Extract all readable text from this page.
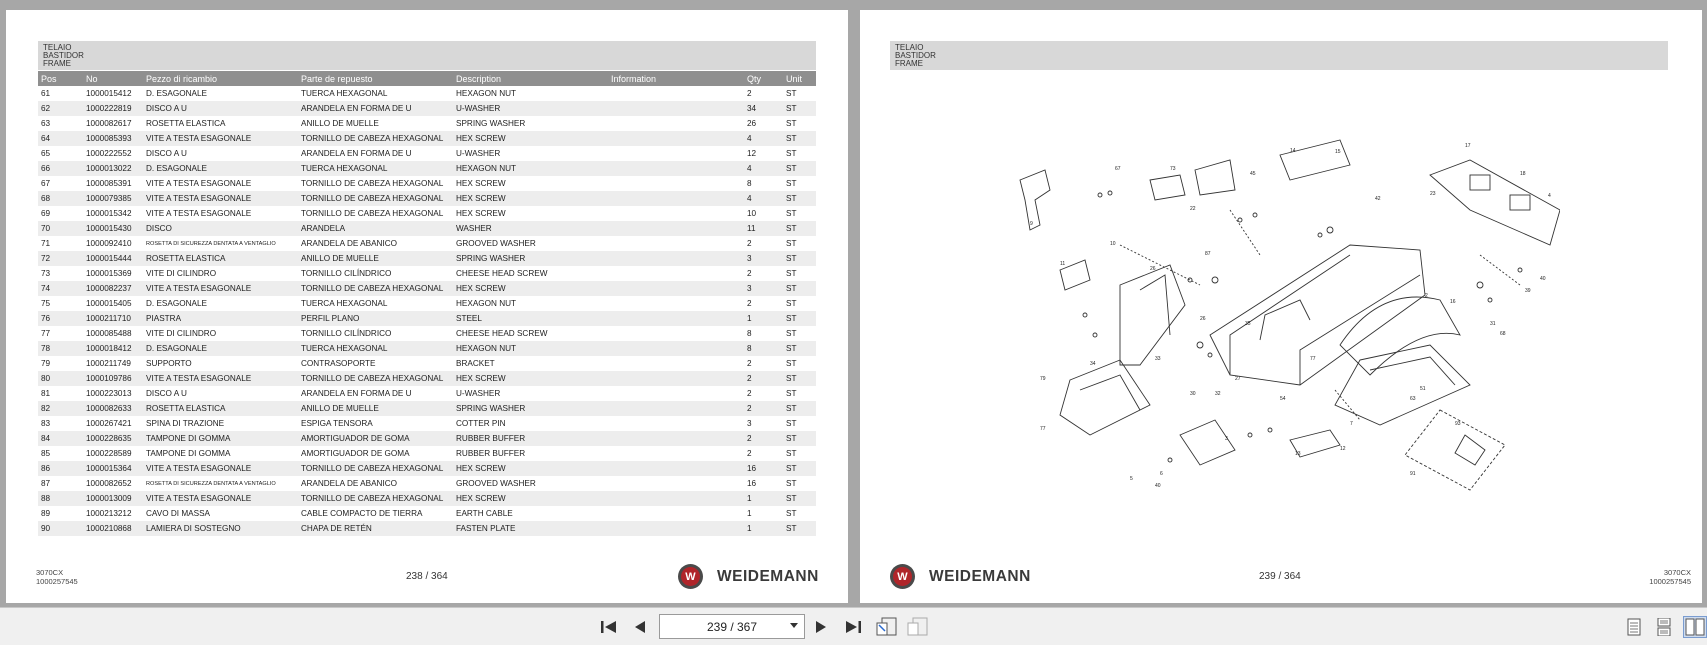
TELAIO
BASTIDOR
FRAME
Pos	No	Pezzo di ricambio	Parte de repuesto	Description	Information	Qty	Unit
61	1000015412	D. ESAGONALE	TUERCA HEXAGONAL	HEXAGON NUT		2	ST
62	1000222819	DISCO A U	ARANDELA EN FORMA DE U	U-WASHER		34	ST
63	1000082617	ROSETTA ELASTICA	ANILLO DE MUELLE	SPRING WASHER		26	ST
64	1000085393	VITE A TESTA ESAGONALE	TORNILLO DE CABEZA HEXAGONAL	HEX SCREW		4	ST
65	1000222552	DISCO A U	ARANDELA EN FORMA DE U	U-WASHER		12	ST
66	1000013022	D. ESAGONALE	TUERCA HEXAGONAL	HEXAGON NUT		4	ST
67	1000085391	VITE A TESTA ESAGONALE	TORNILLO DE CABEZA HEXAGONAL	HEX SCREW		8	ST
68	1000079385	VITE A TESTA ESAGONALE	TORNILLO DE CABEZA HEXAGONAL	HEX SCREW		4	ST
69	1000015342	VITE A TESTA ESAGONALE	TORNILLO DE CABEZA HEXAGONAL	HEX SCREW		10	ST
70	1000015430	DISCO	ARANDELA	WASHER		11	ST
71	1000092410	ROSETTA DI SICUREZZA DENTATA A VENTAGLIO	ARANDELA DE ABANICO	GROOVED WASHER		2	ST
72	1000015444	ROSETTA ELASTICA	ANILLO DE MUELLE	SPRING WASHER		3	ST
73	1000015369	VITE DI CILINDRO	TORNILLO CILÍNDRICO	CHEESE HEAD SCREW		2	ST
74	1000082237	VITE A TESTA ESAGONALE	TORNILLO DE CABEZA HEXAGONAL	HEX SCREW		3	ST
75	1000015405	D. ESAGONALE	TUERCA HEXAGONAL	HEXAGON NUT		2	ST
76	1000211710	PIASTRA	PERFIL PLANO	STEEL		1	ST
77	1000085488	VITE DI CILINDRO	TORNILLO CILÍNDRICO	CHEESE HEAD SCREW		8	ST
78	1000018412	D. ESAGONALE	TUERCA HEXAGONAL	HEXAGON NUT		8	ST
79	1000211749	SUPPORTO	CONTRASOPORTE	BRACKET		2	ST
80	1000109786	VITE A TESTA ESAGONALE	TORNILLO DE CABEZA HEXAGONAL	HEX SCREW		2	ST
81	1000223013	DISCO A U	ARANDELA EN FORMA DE U	U-WASHER		2	ST
82	1000082633	ROSETTA ELASTICA	ANILLO DE MUELLE	SPRING WASHER		2	ST
83	1000267421	SPINA DI TRAZIONE	ESPIGA TENSORA	COTTER PIN		3	ST
84	1000228635	TAMPONE DI GOMMA	AMORTIGUADOR DE GOMA	RUBBER BUFFER		2	ST
85	1000228589	TAMPONE DI GOMMA	AMORTIGUADOR DE GOMA	RUBBER BUFFER		2	ST
86	1000015364	VITE A TESTA ESAGONALE	TORNILLO DE CABEZA HEXAGONAL	HEX SCREW		16	ST
87	1000082652	ROSETTA DI SICUREZZA DENTATA A VENTAGLIO	ARANDELA DE ABANICO	GROOVED WASHER		16	ST
88	1000013009	VITE A TESTA ESAGONALE	TORNILLO DE CABEZA HEXAGONAL	HEX SCREW		1	ST
89	1000213212	CAVO DI MASSA	CABLE COMPACTO DE TIERRA	EARTH CABLE		1	ST
90	1000210868	LAMIERA DI SOSTEGNO	CHAPA DE RETÉN	FASTEN PLATE		1	ST
3070CX
1000257545	238 / 364	W WEIDEMANN
TELAIO
BASTIDOR
FRAME
15
14
17
18
4
10
26
2
16
39
40
77
33
34
79
77
54
3
12
13
91
93
5
6
40
7
9
11
51
63
30	32
27
35
26
87
22
73
67
45
23
42
31
68
W WEIDEMANN	239 / 364	3070CX
1000257545
239 / 367
